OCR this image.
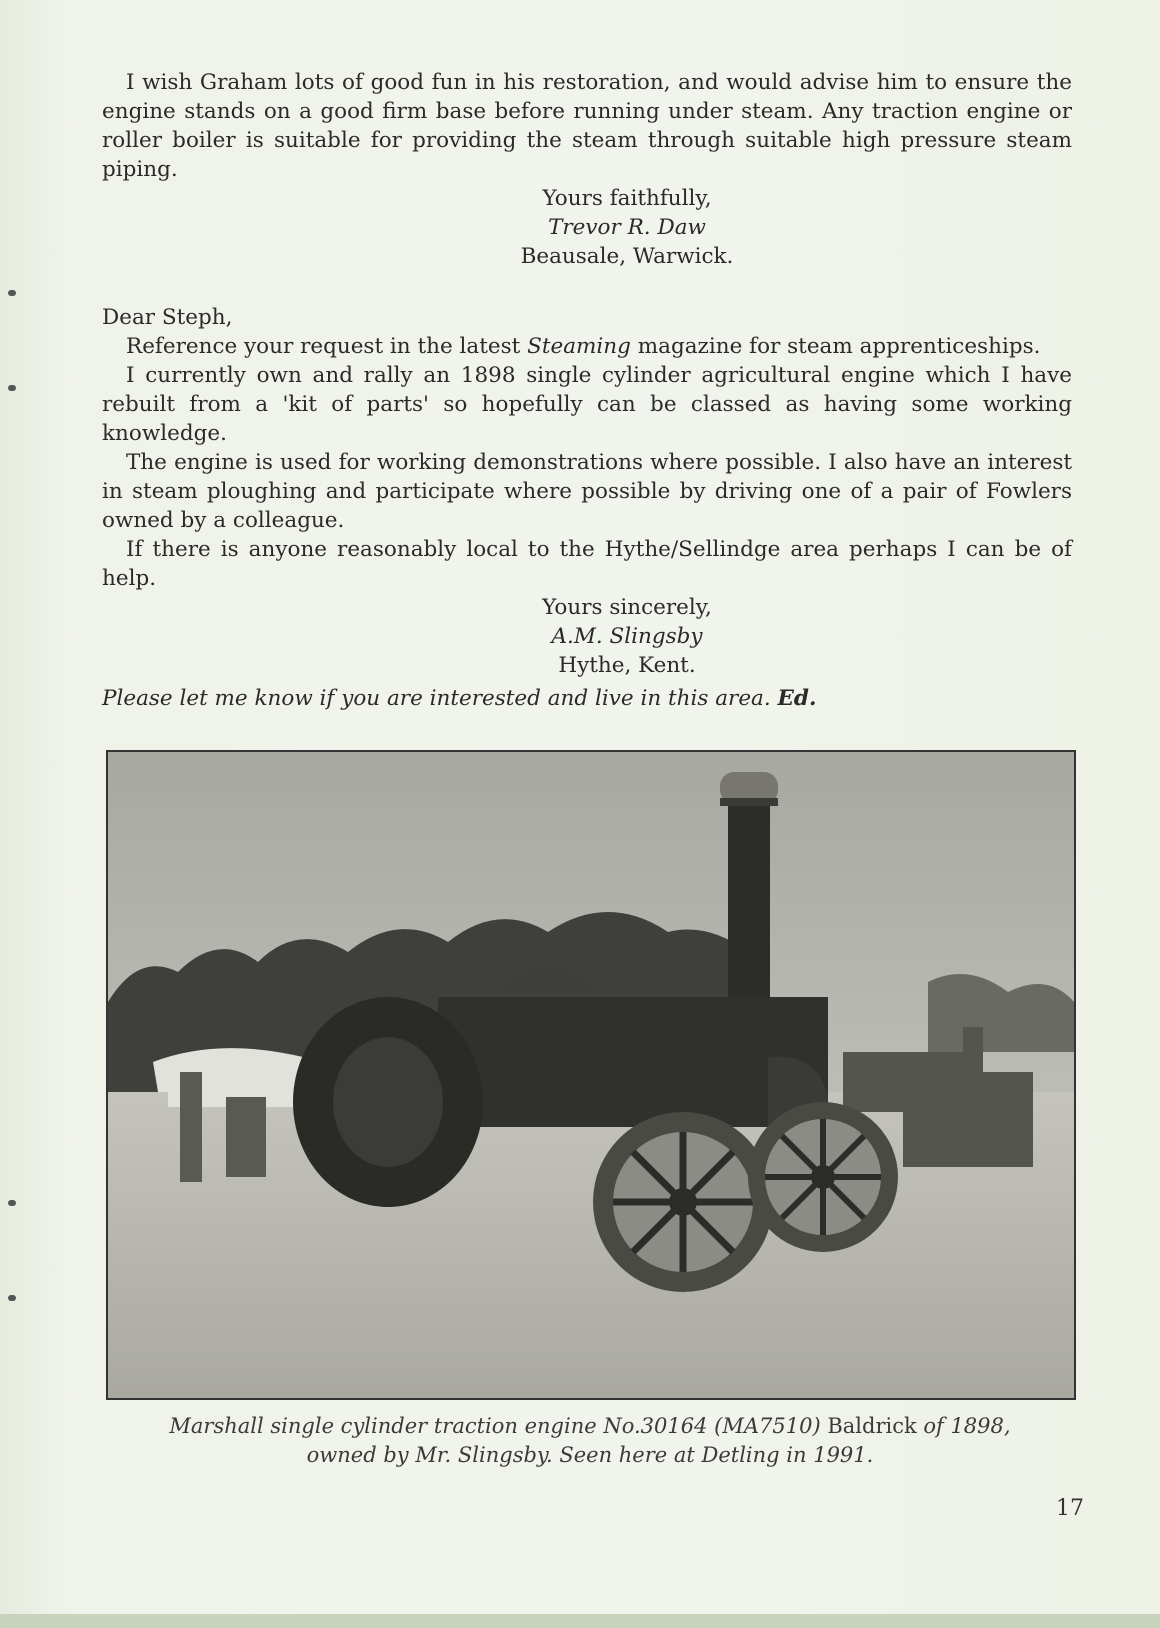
I wish Graham lots of good fun in his restoration, and would advise him to ensure the engine stands on a good firm base before running under steam. Any traction engine or roller boiler is suitable for providing the steam through suitable high pressure steam piping.

Yours faithfully,
Trevor R. Daw
Beausale, Warwick.

Dear Steph,

Reference your request in the latest Steaming magazine for steam apprenticeships.

I currently own and rally an 1898 single cylinder agricultural engine which I have rebuilt from a 'kit of parts' so hopefully can be classed as having some working knowledge.

The engine is used for working demonstrations where possible. I also have an interest in steam ploughing and participate where possible by driving one of a pair of Fowlers owned by a colleague.

If there is anyone reasonably local to the Hythe/Sellindge area perhaps I can be of help.

Yours sincerely,
A.M. Slingsby
Hythe, Kent.

Please let me know if you are interested and live in this area. Ed.

Marshall single cylinder traction engine No.30164 (MA7510) Baldrick of 1898,
owned by Mr. Slingsby. Seen here at Detling in 1991.
17
